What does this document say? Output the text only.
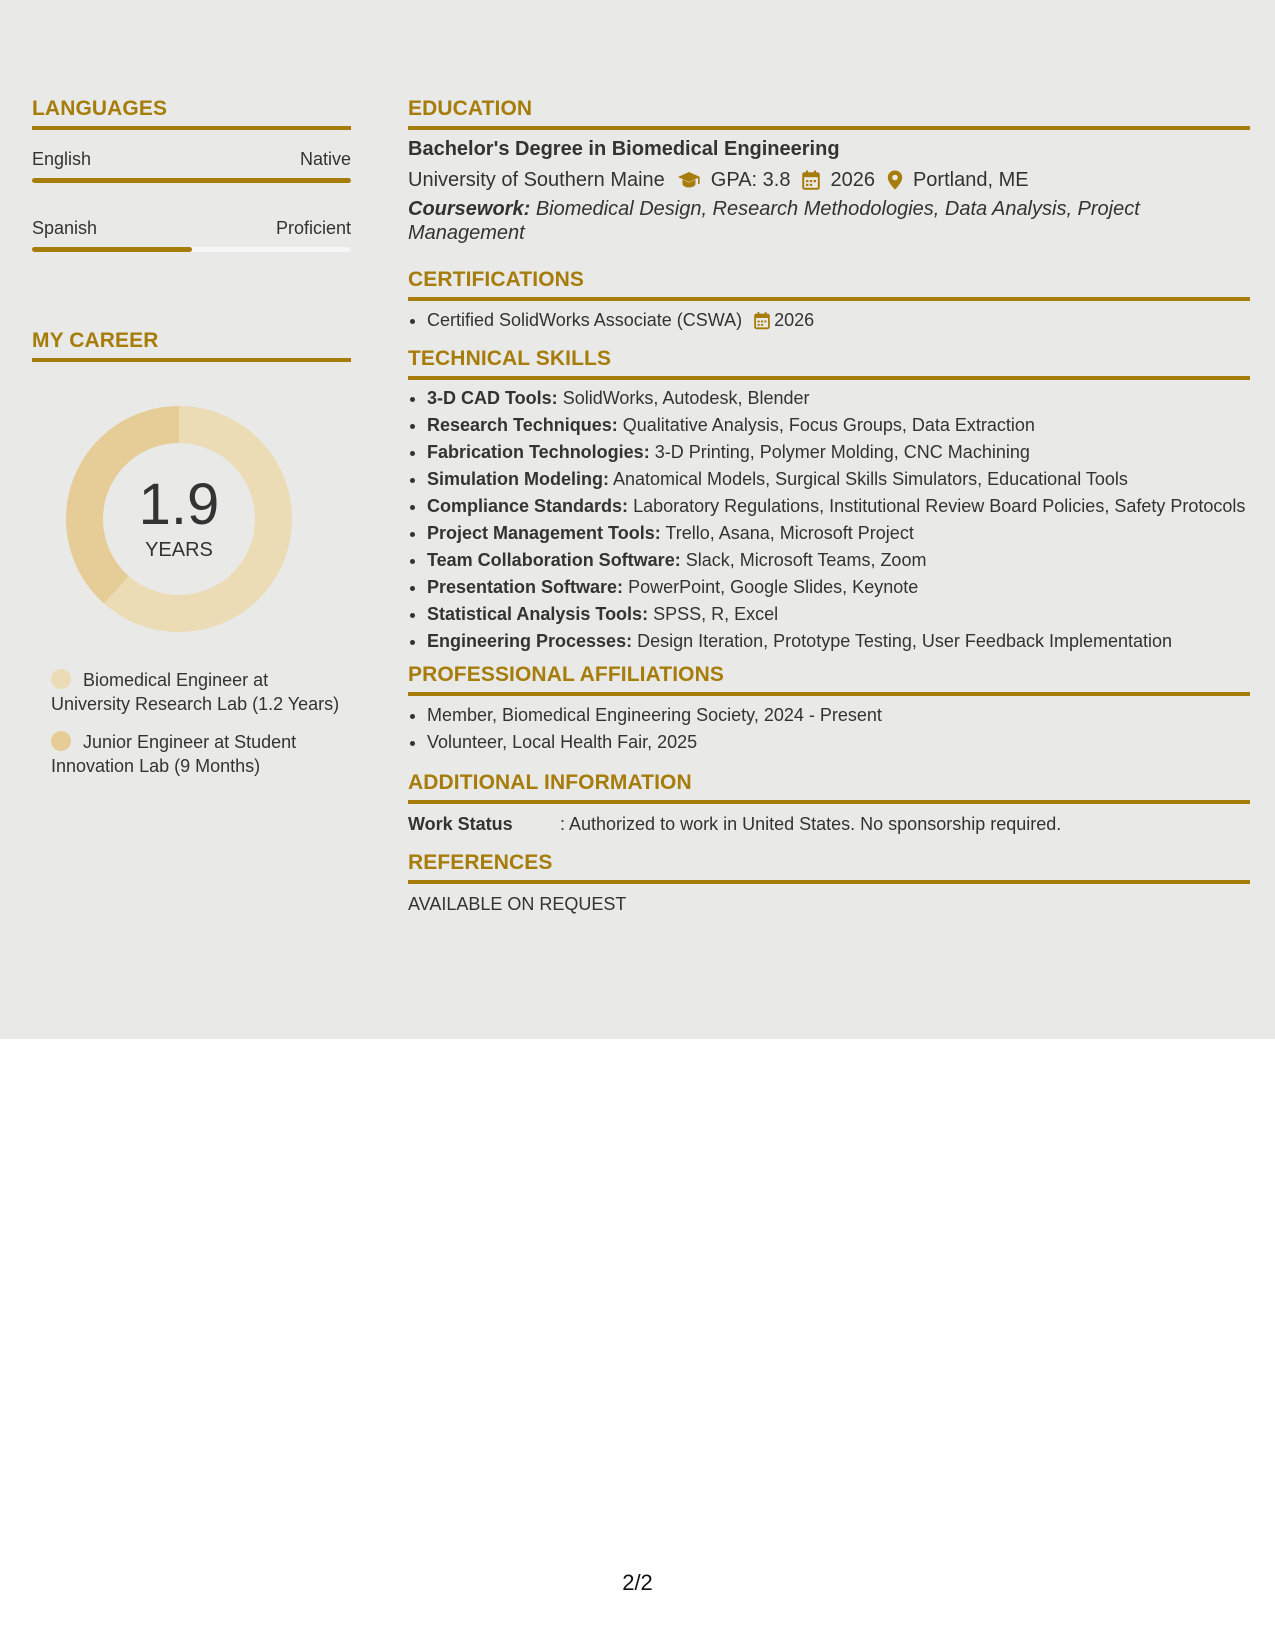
LANGUAGES
English	Native
Spanish	Proficient
MY CAREER
1.9
YEARS
Biomedical Engineer at University Research Lab (1.2 Years)
Junior Engineer at Student Innovation Lab (9 Months)
EDUCATION
Bachelor's Degree in Biomedical Engineering
University of Southern Maine GPA: 3.8 2026 Portland, ME
Coursework: Biomedical Design, Research Methodologies, Data Analysis, Project Management
CERTIFICATIONS
• Certified SolidWorks Associate (CSWA) 2026
TECHNICAL SKILLS
• 3-D CAD Tools: SolidWorks, Autodesk, Blender
• Research Techniques: Qualitative Analysis, Focus Groups, Data Extraction
• Fabrication Technologies: 3-D Printing, Polymer Molding, CNC Machining
• Simulation Modeling: Anatomical Models, Surgical Skills Simulators, Educational Tools
• Compliance Standards: Laboratory Regulations, Institutional Review Board Policies, Safety Protocols
• Project Management Tools: Trello, Asana, Microsoft Project
• Team Collaboration Software: Slack, Microsoft Teams, Zoom
• Presentation Software: PowerPoint, Google Slides, Keynote
• Statistical Analysis Tools: SPSS, R, Excel
• Engineering Processes: Design Iteration, Prototype Testing, User Feedback Implementation
PROFESSIONAL AFFILIATIONS
• Member, Biomedical Engineering Society, 2024 - Present
• Volunteer, Local Health Fair, 2025
ADDITIONAL INFORMATION
Work Status	: Authorized to work in United States. No sponsorship required.
REFERENCES
AVAILABLE ON REQUEST
2/2
